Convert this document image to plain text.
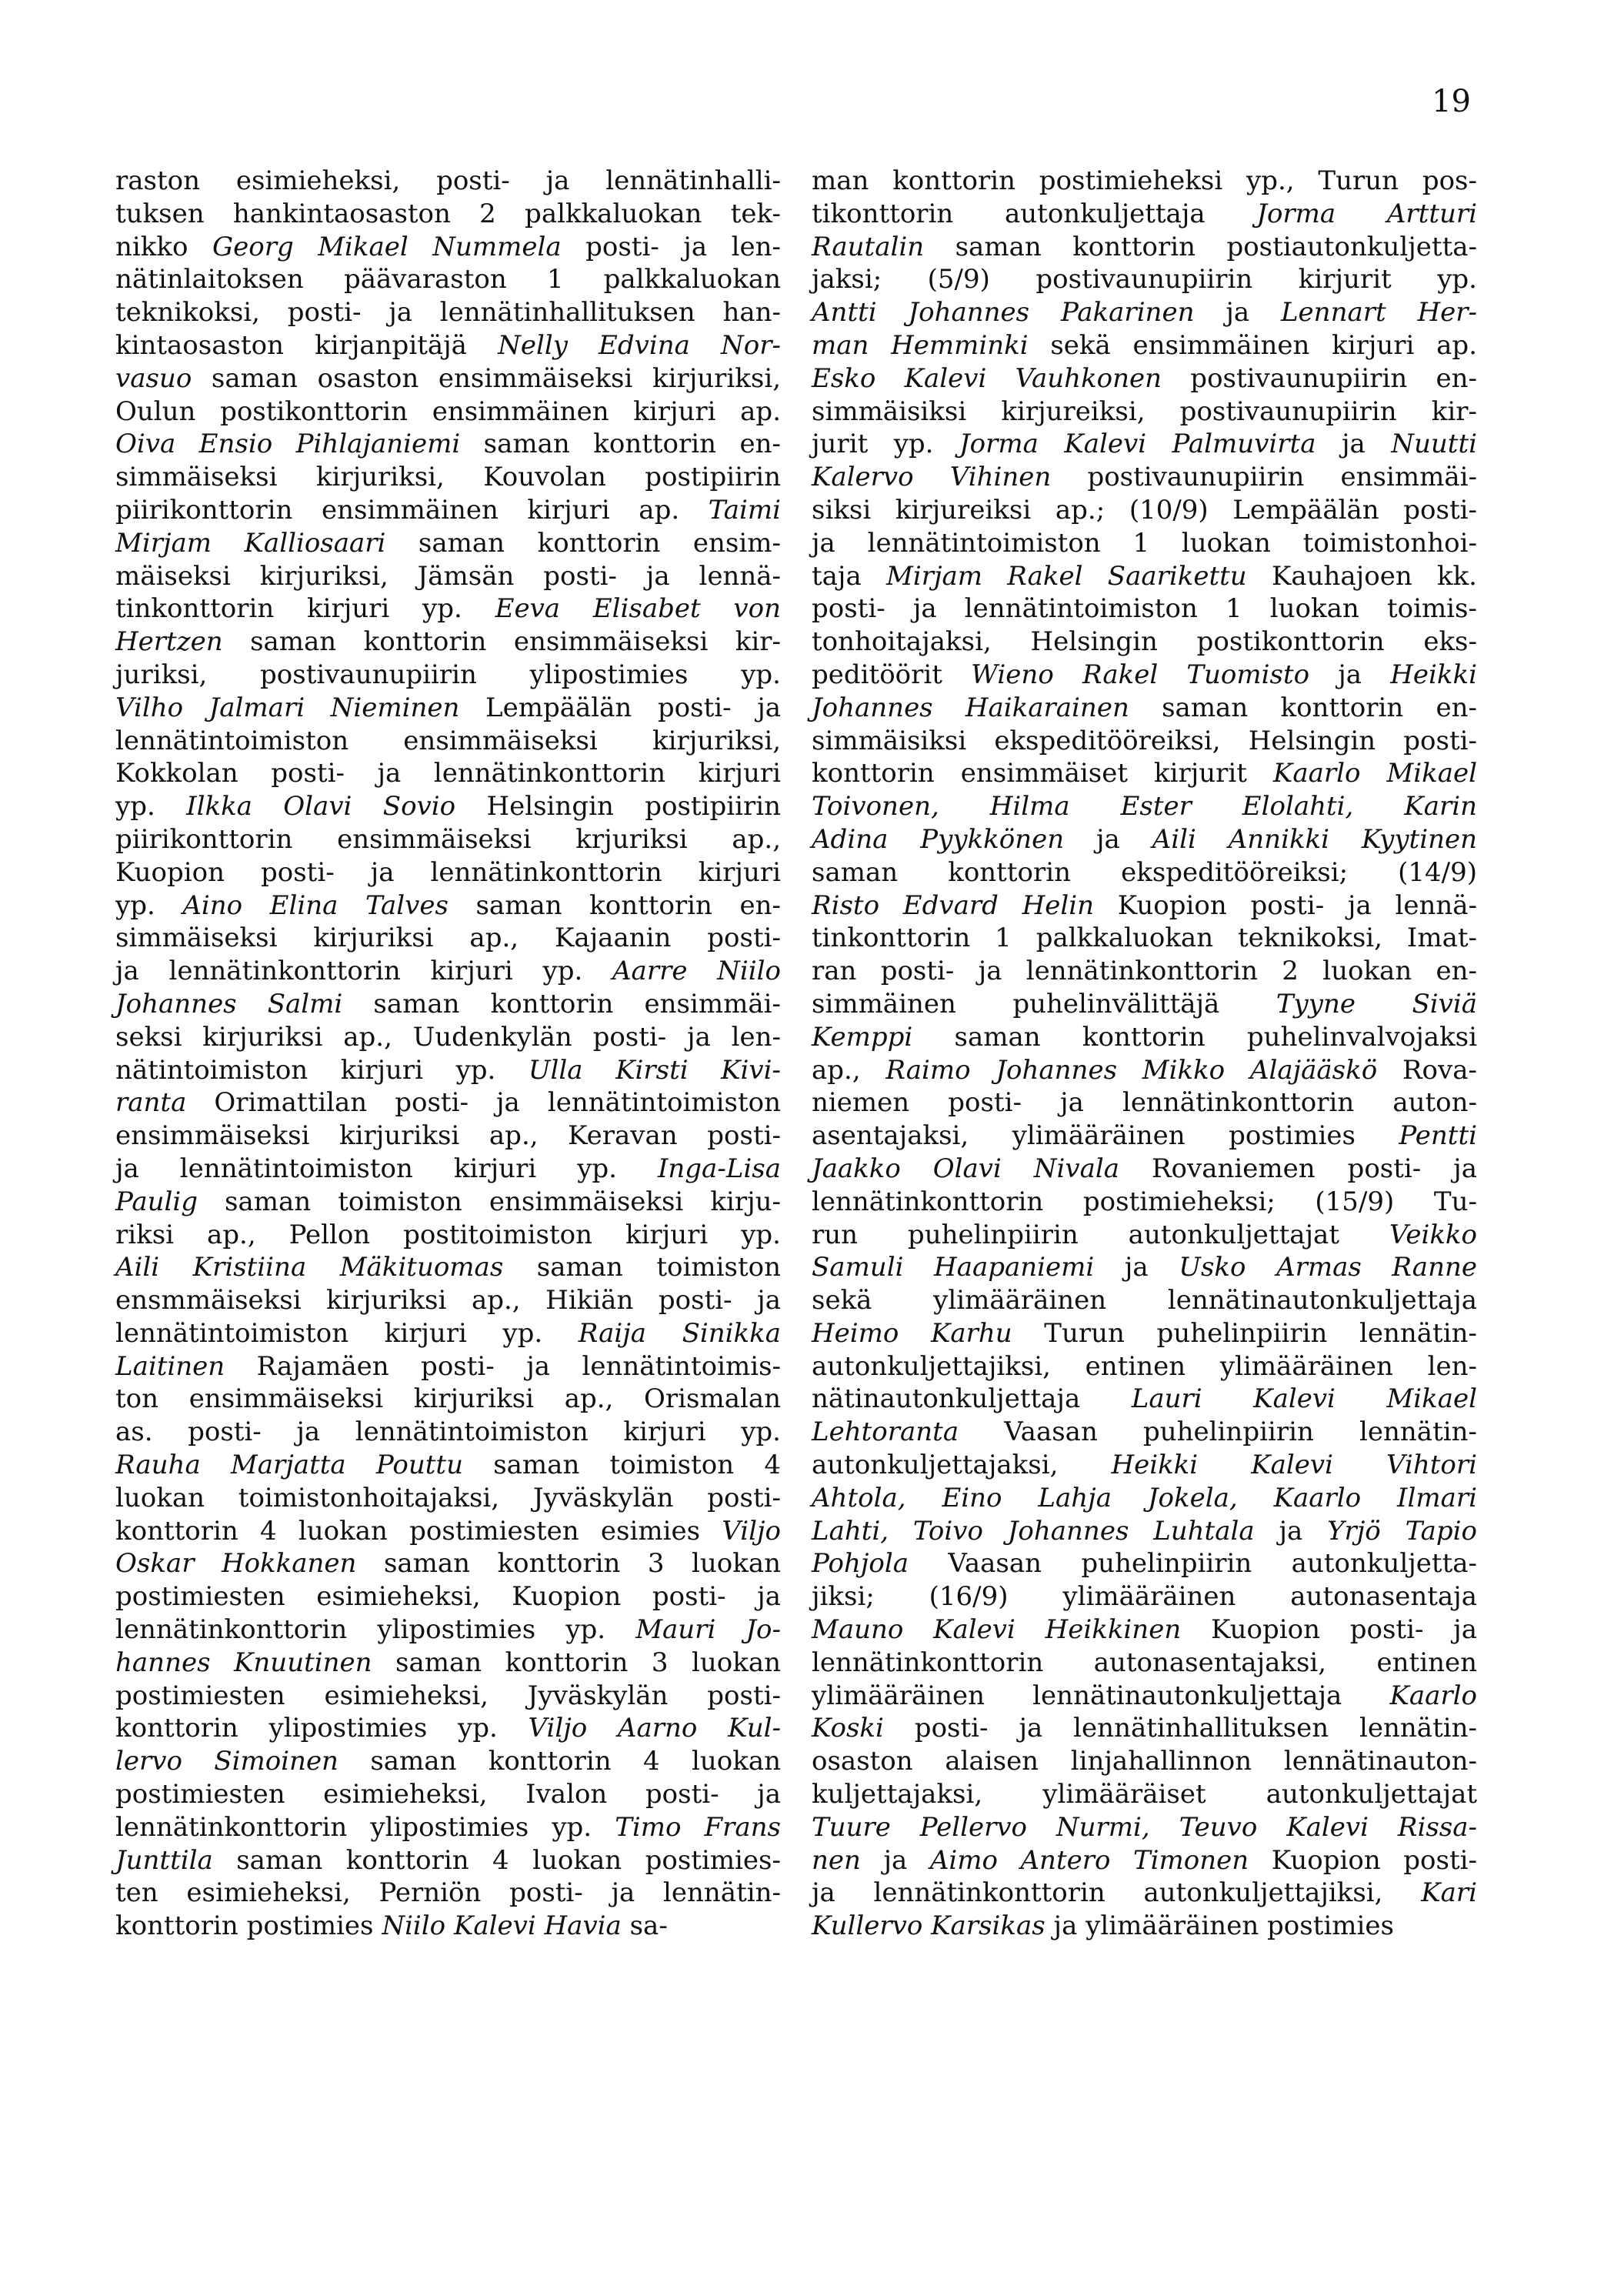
19
raston esimieheksi, posti- ja lennätinhalli-
tuksen hankintaosaston 2 palkkaluokan tek-
nikko Georg Mikael Nummela posti- ja len-
nätinlaitoksen päävaraston 1 palkkaluokan
teknikoksi, posti- ja lennätinhallituksen han-
kintaosaston kirjanpitäjä Nelly Edvina Nor-
vasuo saman osaston ensimmäiseksi kirjuriksi,
Oulun postikonttorin ensimmäinen kirjuri ap.
Oiva Ensio Pihlajaniemi saman konttorin en-
simmäiseksi kirjuriksi, Kouvolan postipiirin
piirikonttorin ensimmäinen kirjuri ap. Taimi
Mirjam Kalliosaari saman konttorin ensim-
mäiseksi kirjuriksi, Jämsän posti- ja lennä-
tinkonttorin kirjuri yp. Eeva Elisabet von
Hertzen saman konttorin ensimmäiseksi kir-
juriksi, postivaunupiirin ylipostimies yp.
Vilho Jalmari Nieminen Lempäälän posti- ja
lennätintoimiston ensimmäiseksi kirjuriksi,
Kokkolan posti- ja lennätinkonttorin kirjuri
yp. Ilkka Olavi Sovio Helsingin postipiirin
piirikonttorin ensimmäiseksi krjuriksi ap.,
Kuopion posti- ja lennätinkonttorin kirjuri
yp. Aino Elina Talves saman konttorin en-
simmäiseksi kirjuriksi ap., Kajaanin posti-
ja lennätinkonttorin kirjuri yp. Aarre Niilo
Johannes Salmi saman konttorin ensimmäi-
seksi kirjuriksi ap., Uudenkylän posti- ja len-
nätintoimiston kirjuri yp. Ulla Kirsti Kivi-
ranta Orimattilan posti- ja lennätintoimiston
ensimmäiseksi kirjuriksi ap., Keravan posti-
ja lennätintoimiston kirjuri yp. Inga-Lisa
Paulig saman toimiston ensimmäiseksi kirju-
riksi ap., Pellon postitoimiston kirjuri yp.
Aili Kristiina Mäkituomas saman toimiston
ensmmäiseksi kirjuriksi ap., Hikiän posti- ja
lennätintoimiston kirjuri yp. Raija Sinikka
Laitinen Rajamäen posti- ja lennätintoimis-
ton ensimmäiseksi kirjuriksi ap., Orismalan
as. posti- ja lennätintoimiston kirjuri yp.
Rauha Marjatta Pouttu saman toimiston 4
luokan toimistonhoitajaksi, Jyväskylän posti-
konttorin 4 luokan postimiesten esimies Viljo
Oskar Hokkanen saman konttorin 3 luokan
postimiesten esimieheksi, Kuopion posti- ja
lennätinkonttorin ylipostimies yp. Mauri Jo-
hannes Knuutinen saman konttorin 3 luokan
postimiesten esimieheksi, Jyväskylän posti-
konttorin ylipostimies yp. Viljo Aarno Kul-
lervo Simoinen saman konttorin 4 luokan
postimiesten esimieheksi, Ivalon posti- ja
lennätinkonttorin ylipostimies yp. Timo Frans
Junttila saman konttorin 4 luokan postimies-
ten esimieheksi, Perniön posti- ja lennätin-
konttorin postimies Niilo Kalevi Havia sa-
man konttorin postimieheksi yp., Turun pos-
tikonttorin autonkuljettaja Jorma Artturi
Rautalin saman konttorin postiautonkuljetta-
jaksi; (5/9) postivaunupiirin kirjurit yp.
Antti Johannes Pakarinen ja Lennart Her-
man Hemminki sekä ensimmäinen kirjuri ap.
Esko Kalevi Vauhkonen postivaunupiirin en-
simmäisiksi kirjureiksi, postivaunupiirin kir-
jurit yp. Jorma Kalevi Palmuvirta ja Nuutti
Kalervo Vihinen postivaunupiirin ensimmäi-
siksi kirjureiksi ap.; (10/9) Lempäälän posti-
ja lennätintoimiston 1 luokan toimistonhoi-
taja Mirjam Rakel Saarikettu Kauhajoen kk.
posti- ja lennätintoimiston 1 luokan toimis-
tonhoitajaksi, Helsingin postikonttorin eks-
peditöörit Wieno Rakel Tuomisto ja Heikki
Johannes Haikarainen saman konttorin en-
simmäisiksi ekspeditööreiksi, Helsingin posti-
konttorin ensimmäiset kirjurit Kaarlo Mikael
Toivonen, Hilma Ester Elolahti, Karin
Adina Pyykkönen ja Aili Annikki Kyytinen
saman konttorin ekspeditööreiksi; (14/9)
Risto Edvard Helin Kuopion posti- ja lennä-
tinkonttorin 1 palkkaluokan teknikoksi, Imat-
ran posti- ja lennätinkonttorin 2 luokan en-
simmäinen puhelinvälittäjä Tyyne Siviä
Kemppi saman konttorin puhelinvalvojaksi
ap., Raimo Johannes Mikko Alajääskö Rova-
niemen posti- ja lennätinkonttorin auton-
asentajaksi, ylimääräinen postimies Pentti
Jaakko Olavi Nivala Rovaniemen posti- ja
lennätinkonttorin postimieheksi; (15/9) Tu-
run puhelinpiirin autonkuljettajat Veikko
Samuli Haapaniemi ja Usko Armas Ranne
sekä ylimääräinen lennätinautonkuljettaja
Heimo Karhu Turun puhelinpiirin lennätin-
autonkuljettajiksi, entinen ylimääräinen len-
nätinautonkuljettaja Lauri Kalevi Mikael
Lehtoranta Vaasan puhelinpiirin lennätin-
autonkuljettajaksi, Heikki Kalevi Vihtori
Ahtola, Eino Lahja Jokela, Kaarlo Ilmari
Lahti, Toivo Johannes Luhtala ja Yrjö Tapio
Pohjola Vaasan puhelinpiirin autonkuljetta-
jiksi; (16/9) ylimääräinen autonasentaja
Mauno Kalevi Heikkinen Kuopion posti- ja
lennätinkonttorin autonasentajaksi, entinen
ylimääräinen lennätinautonkuljettaja Kaarlo
Koski posti- ja lennätinhallituksen lennätin-
osaston alaisen linjahallinnon lennätinauton-
kuljettajaksi, ylimääräiset autonkuljettajat
Tuure Pellervo Nurmi, Teuvo Kalevi Rissa-
nen ja Aimo Antero Timonen Kuopion posti-
ja lennätinkonttorin autonkuljettajiksi, Kari
Kullervo Karsikas ja ylimääräinen postimies
